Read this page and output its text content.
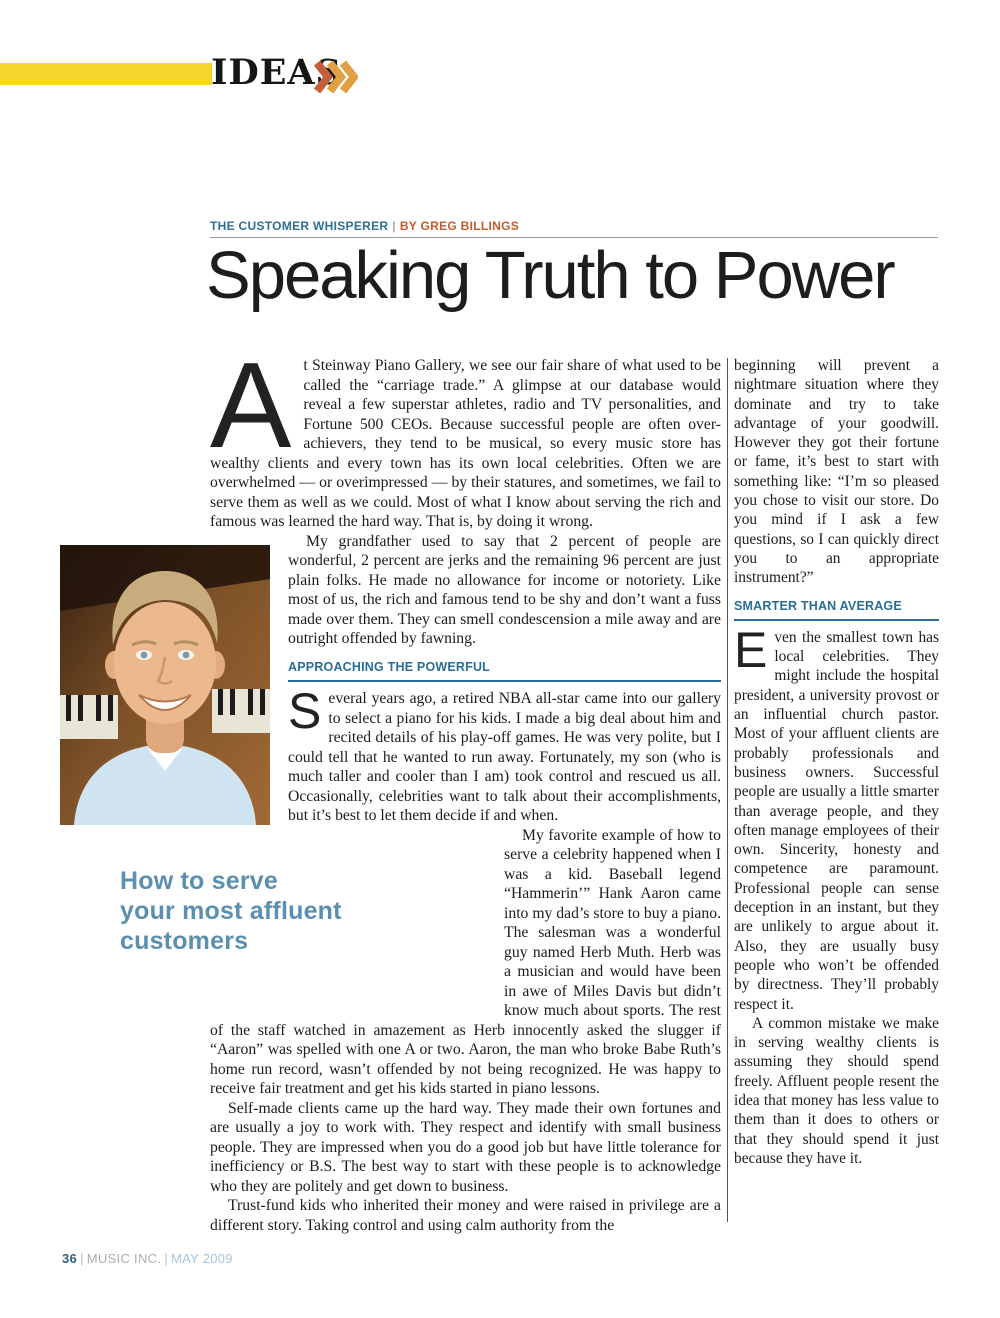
IDEAS
THE CUSTOMER WHISPERER | BY GREG BILLINGS
Speaking Truth to Power

At Steinway Piano Gallery, we see our fair share of what used to be called the “carriage trade.” A glimpse at our database would reveal a few superstar athletes, radio and TV personalities, and Fortune 500 CEOs. Because successful people are often over-achievers, they tend to be musical, so every music store has wealthy clients and every town has its own local celebrities. Often we are overwhelmed — or overimpressed — by their statures, and sometimes, we fail to serve them as well as we could. Most of what I know about serving the rich and famous was learned the hard way. That is, by doing it wrong.

My grandfather used to say that 2 percent of people are wonderful, 2 percent are jerks and the remaining 96 percent are just plain folks. He made no allowance for income or notoriety. Like most of us, the rich and famous tend to be shy and don’t want a fuss made over them. They can smell condescension a mile away and are outright offended by fawning.

APPROACHING THE POWERFUL

Several years ago, a retired NBA all-star came into our gallery to select a piano for his kids. I made a big deal about him and recited details of his play-off games. He was very polite, but I could tell that he wanted to run away. Fortunately, my son (who is much taller and cooler than I am) took control and rescued us all. Occasionally, celebrities want to talk about their accomplishments, but it’s best to let them decide if and when.

My favorite example of how to serve a celebrity happened when I was a kid. Baseball legend “Hammerin’” Hank Aaron came into my dad’s store to buy a piano. The salesman was a wonderful guy named Herb Muth. Herb was a musician and would have been in awe of Miles Davis but didn’t know much about sports. The rest of the staff watched in amazement as Herb innocently asked the slugger if “Aaron” was spelled with one A or two. Aaron, the man who broke Babe Ruth’s home run record, wasn’t offended by not being recognized. He was happy to receive fair treatment and get his kids started in piano lessons.

Self-made clients came up the hard way. They made their own fortunes and are usually a joy to work with. They respect and identify with small business people. They are impressed when you do a good job but have little tolerance for inefficiency or B.S. The best way to start with these people is to acknowledge who they are politely and get down to business.

Trust-fund kids who inherited their money and were raised in privilege are a different story. Taking control and using calm authority from the

beginning will prevent a nightmare situation where they dominate and try to take advantage of your goodwill. However they got their fortune or fame, it’s best to start with something like: “I’m so pleased you chose to visit our store. Do you mind if I ask a few questions, so I can quickly direct you to an appropriate instrument?”

SMARTER THAN AVERAGE

Even the smallest town has local celebrities. They might include the hospital president, a university provost or an influential church pastor. Most of your affluent clients are probably professionals and business owners. Successful people are usually a little smarter than average people, and they often manage employees of their own. Sincerity, honesty and competence are paramount. Professional people can sense deception in an instant, but they are unlikely to argue about it. Also, they are usually busy people who won’t be offended by directness. They’ll probably respect it.

A common mistake we make in serving wealthy clients is assuming they should spend freely. Affluent people resent the idea that money has less value to them than it does to others or that they should spend it just because they have it.

How to serve
your most affluent
customers
36 | MUSIC INC. | MAY 2009
